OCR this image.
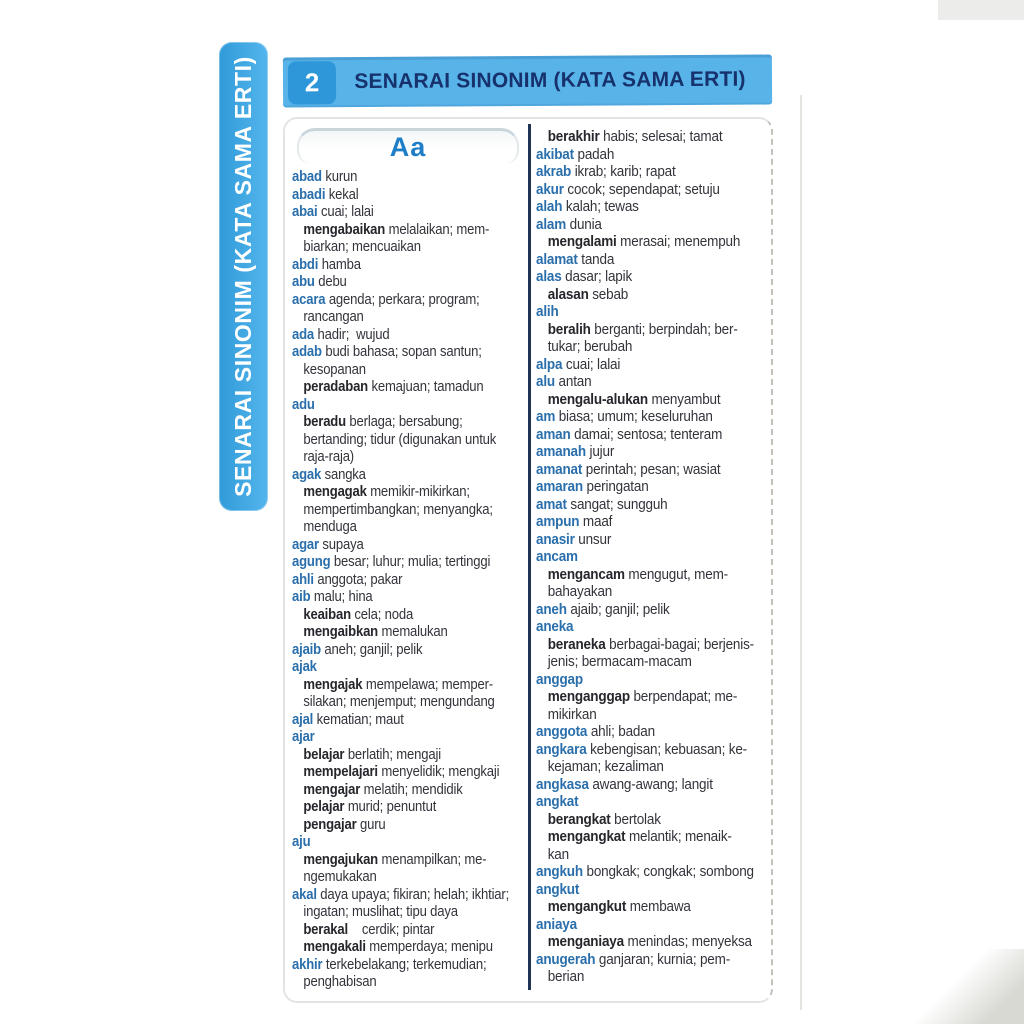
SENARAI SINONIM (KATA SAMA ERTI)	2	SENARAI SINONIM (KATA SAMA ERTI)
Aa
abad kurun
abadi kekal
abai cuai; lalai
mengabaikan melalaikan; mem-
biarkan; mencuaikan
abdi hamba
abu debu
acara agenda; perkara; program;
rancangan
ada hadir;  wujud
adab budi bahasa; sopan santun;
kesopanan
peradaban kemajuan; tamadun
adu
beradu berlaga; bersabung;
bertanding; tidur (digunakan untuk
raja-raja)
agak sangka
mengagak memikir-mikirkan;
mempertimbangkan; menyangka;
menduga
agar supaya
agung besar; luhur; mulia; tertinggi
ahli anggota; pakar
aib malu; hina
keaiban cela; noda
mengaibkan memalukan
ajaib aneh; ganjil; pelik
ajak
mengajak mempelawa; memper-
silakan; menjemput; mengundang
ajal kematian; maut
ajar
belajar berlatih; mengaji
mempelajari menyelidik; mengkaji
mengajar melatih; mendidik
pelajar murid; penuntut
pengajar guru
aju
mengajukan menampilkan; me-
ngemukakan
akal daya upaya; fikiran; helah; ikhtiar;
ingatan; muslihat; tipu daya
berakal    cerdik; pintar
mengakali memperdaya; menipu
akhir terkebelakang; terkemudian;
penghabisan
berakhir habis; selesai; tamat
akibat padah
akrab ikrab; karib; rapat
akur cocok; sependapat; setuju
alah kalah; tewas
alam dunia
mengalami merasai; menempuh
alamat tanda
alas dasar; lapik
alasan sebab
alih
beralih berganti; berpindah; ber-
tukar; berubah
alpa cuai; lalai
alu antan
mengalu-alukan menyambut
am biasa; umum; keseluruhan
aman damai; sentosa; tenteram
amanah jujur
amanat perintah; pesan; wasiat
amaran peringatan
amat sangat; sungguh
ampun maaf
anasir unsur
ancam
mengancam mengugut, mem-
bahayakan
aneh ajaib; ganjil; pelik
aneka
beraneka berbagai-bagai; berjenis-
jenis; bermacam-macam
anggap
menganggap berpendapat; me-
mikirkan
anggota ahli; badan
angkara kebengisan; kebuasan; ke-
kejaman; kezaliman
angkasa awang-awang; langit
angkat
berangkat bertolak
mengangkat melantik; menaik-
kan
angkuh bongkak; congkak; sombong
angkut
mengangkut membawa
aniaya
menganiaya menindas; menyeksa
anugerah ganjaran; kurnia; pem-
berian
